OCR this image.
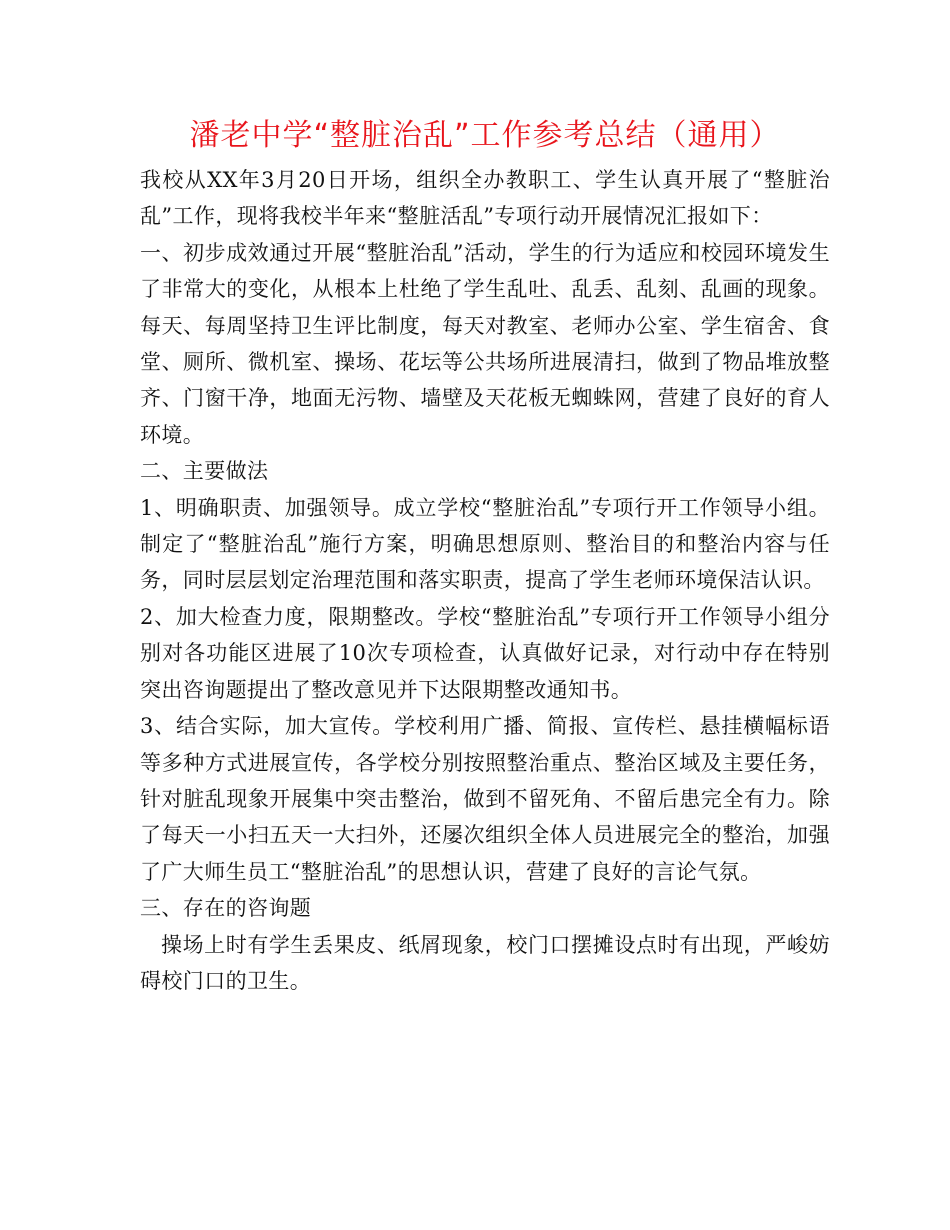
潘老中学“整脏治乱”工作参考总结（通用）

我校从XX年3月20日开场，组织全办教职工、学生认真开展了“整脏治乱”工作，现将我校半年来“整脏活乱”专项行动开展情况汇报如下：

一、初步成效通过开展“整脏治乱”活动，学生的行为适应和校园环境发生了非常大的变化，从根本上杜绝了学生乱吐、乱丢、乱刻、乱画的现象。每天、每周坚持卫生评比制度，每天对教室、老师办公室、学生宿舍、食堂、厕所、微机室、操场、花坛等公共场所进展清扫，做到了物品堆放整齐、门窗干净，地面无污物、墙壁及天花板无蜘蛛网，营建了良好的育人环境。

二、主要做法

1、明确职责、加强领导。成立学校“整脏治乱”专项行开工作领导小组。制定了“整脏治乱”施行方案，明确思想原则、整治目的和整治内容与任务，同时层层划定治理范围和落实职责，提高了学生老师环境保洁认识。

2、加大检查力度，限期整改。学校“整脏治乱”专项行开工作领导小组分别对各功能区进展了10次专项检查，认真做好记录，对行动中存在特别突出咨询题提出了整改意见并下达限期整改通知书。

3、结合实际，加大宣传。学校利用广播、简报、宣传栏、悬挂横幅标语等多种方式进展宣传，各学校分别按照整治重点、整治区域及主要任务，针对脏乱现象开展集中突击整治，做到不留死角、不留后患完全有力。除了每天一小扫五天一大扫外，还屡次组织全体人员进展完全的整治，加强了广大师生员工“整脏治乱”的思想认识，营建了良好的言论气氛。

三、存在的咨询题

操场上时有学生丢果皮、纸屑现象，校门口摆摊设点时有出现，严峻妨碍校门口的卫生。
